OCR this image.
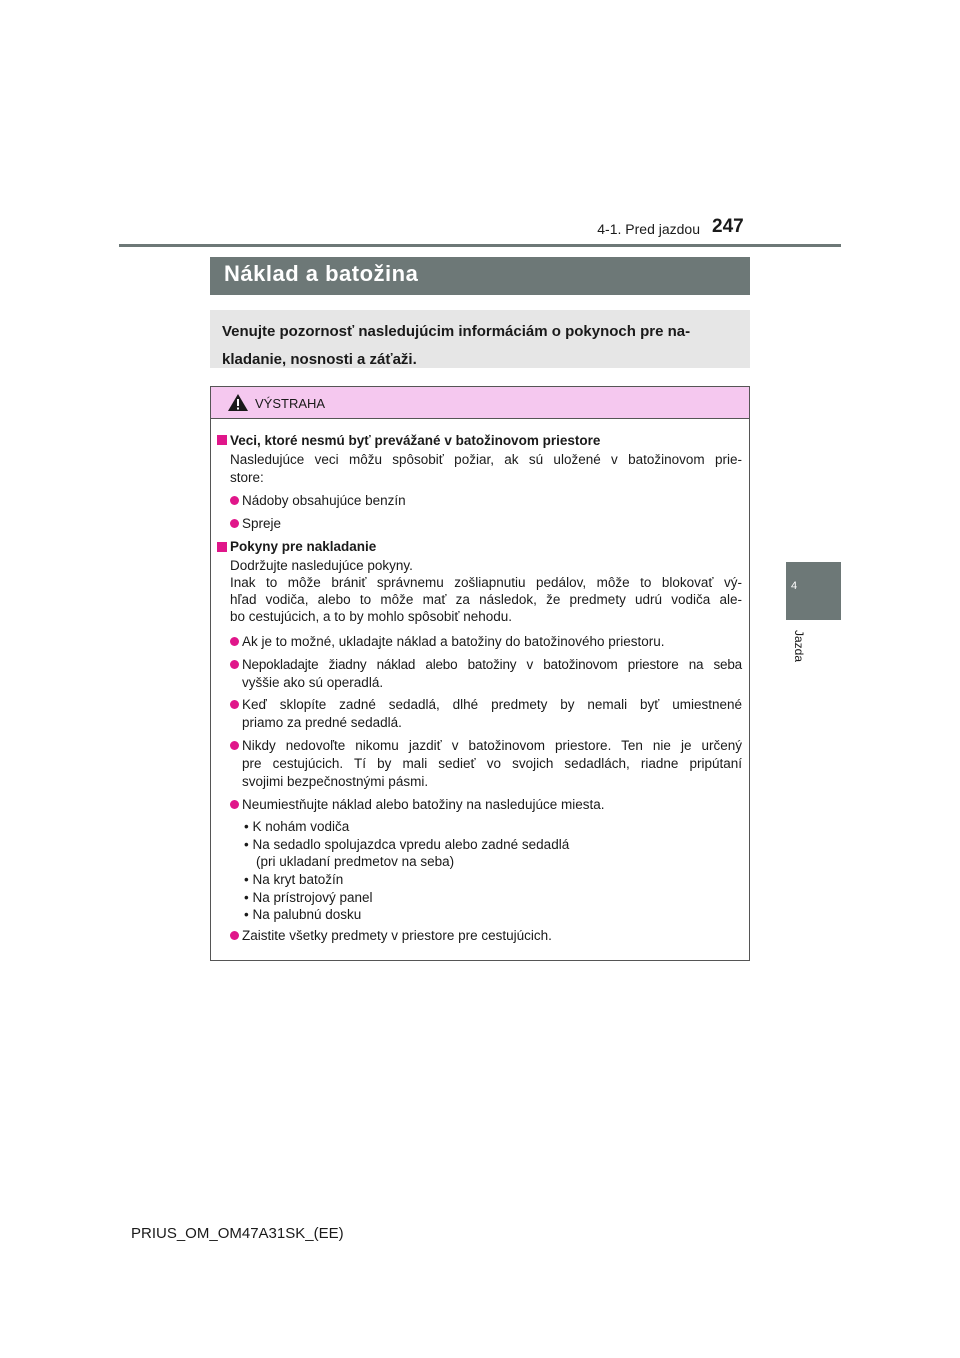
4-1. Pred jazdou 247
4
Jazda
Náklad a batožina
Venujte pozornosť nasledujúcim informáciám o pokynoch pre na-
kladanie, nosnosti a záťaži.
VÝSTRAHA
Veci, ktoré nesmú byť prevážané v batožinovom priestore
Nasledujúce veci môžu spôsobiť požiar, ak sú uložené v batožinovom prie-
store:
Nádoby obsahujúce benzín
Spreje
Pokyny pre nakladanie
Dodržujte nasledujúce pokyny.
Inak to môže brániť správnemu zošliapnutiu pedálov, môže to blokovať vý-
hľad vodiča, alebo to môže mať za následok, že predmety udrú vodiča ale-
bo cestujúcich, a to by mohlo spôsobiť nehodu.
Ak je to možné, ukladajte náklad a batožiny do batožinového priestoru.
Nepokladajte žiadny náklad alebo batožiny v batožinovom priestore na seba
vyššie ako sú operadlá.
Keď sklopíte zadné sedadlá, dlhé predmety by nemali byť umiestnené
priamo za predné sedadlá.
Nikdy nedovoľte nikomu jazdiť v batožinovom priestore. Ten nie je určený
pre cestujúcich. Tí by mali sedieť vo svojich sedadlách, riadne pripútaní
svojimi bezpečnostnými pásmi.
Neumiestňujte náklad alebo batožiny na nasledujúce miesta.
• K nohám vodiča
• Na sedadlo spolujazdca vpredu alebo zadné sedadlá
(pri ukladaní predmetov na seba)
• Na kryt batožín
• Na prístrojový panel
• Na palubnú dosku
Zaistite všetky predmety v priestore pre cestujúcich.
PRIUS_OM_OM47A31SK_(EE)
